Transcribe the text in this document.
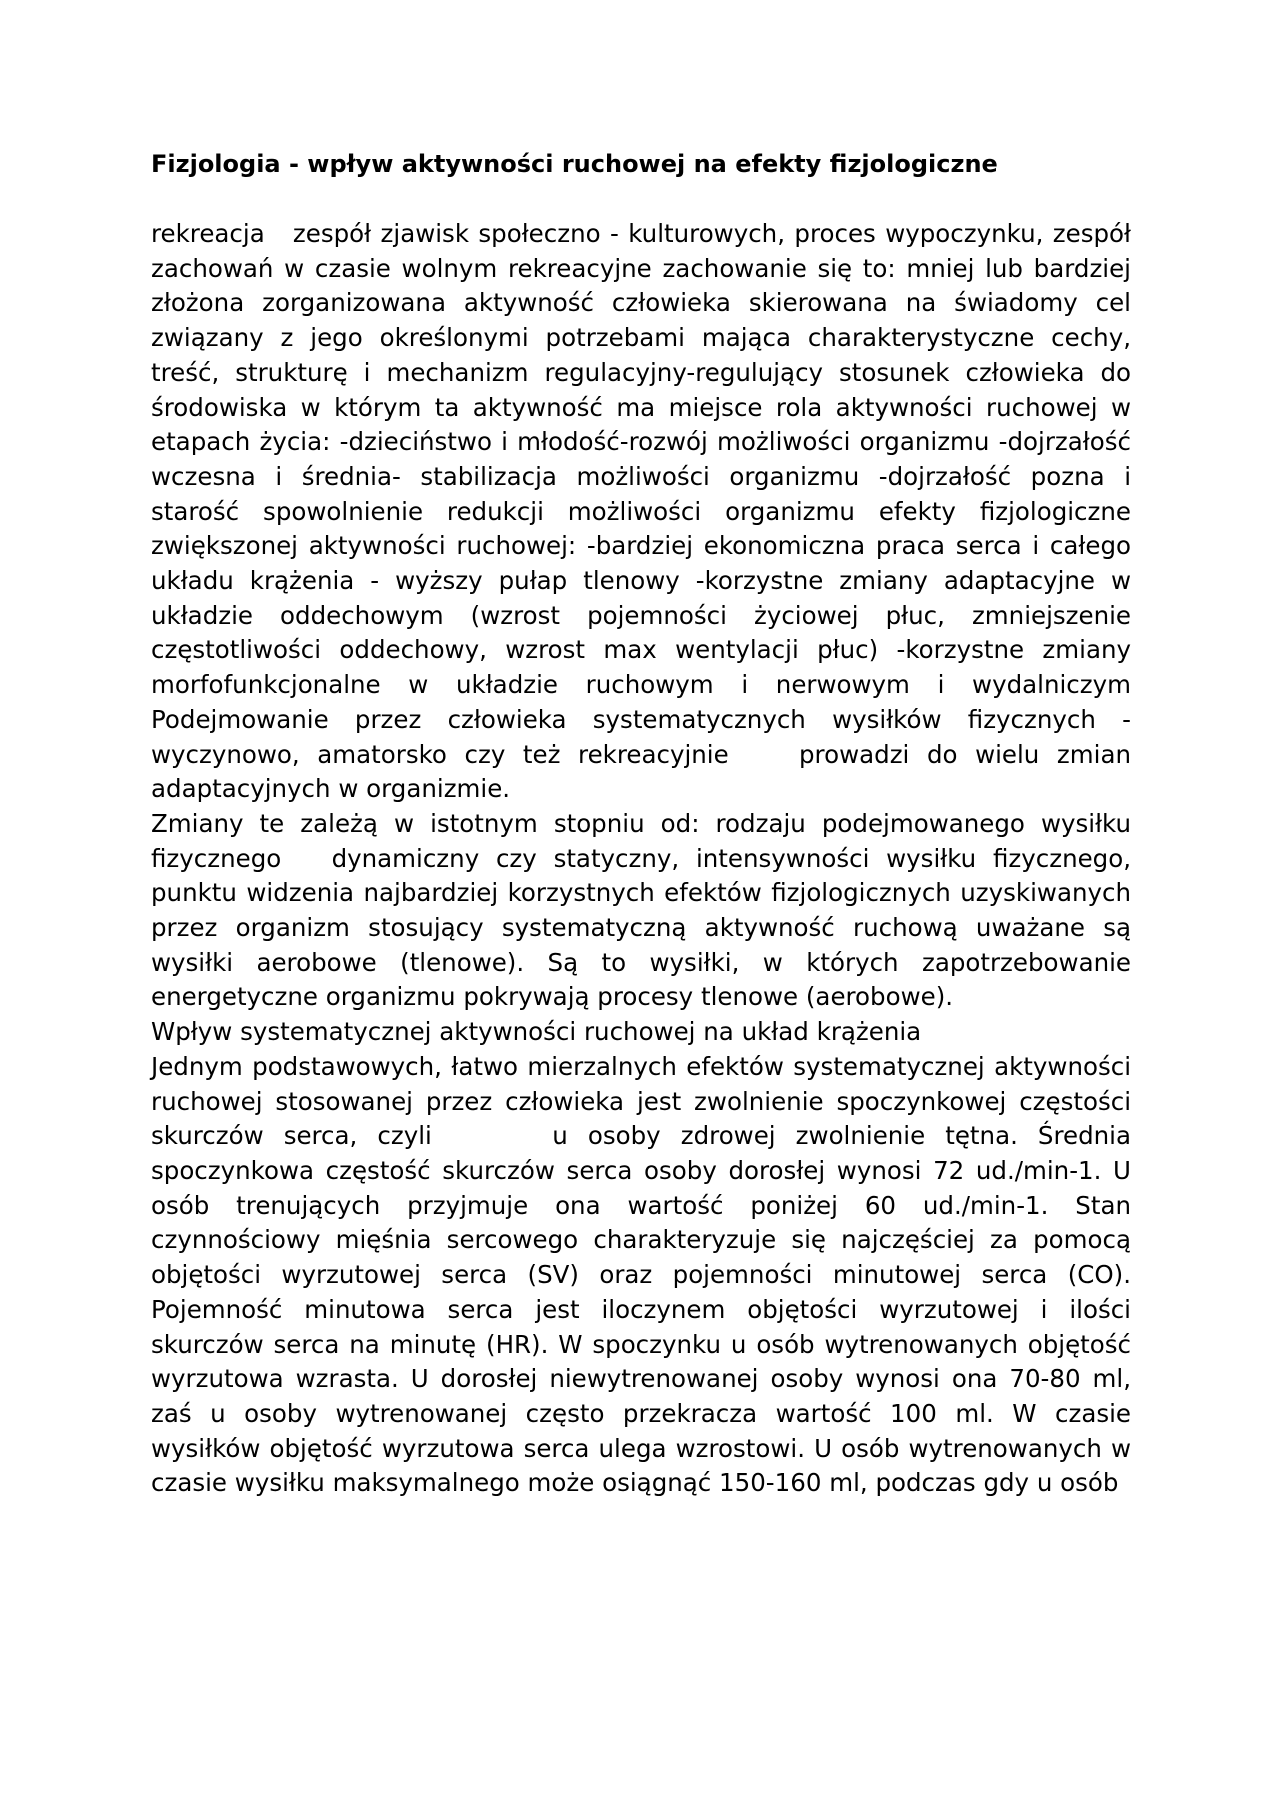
Fizjologia - wpływ aktywności ruchowej na efekty fizjologiczne

rekreacja   zespół zjawisk społeczno - kulturowych, proces wypoczynku, zespół zachowań w czasie wolnym rekreacyjne zachowanie się to: mniej lub bardziej złożona zorganizowana aktywność człowieka skierowana na świadomy cel związany z jego określonymi potrzebami mająca charakterystyczne cechy, treść, strukturę i mechanizm regulacyjny-regulujący stosunek człowieka do środowiska w którym ta aktywność ma miejsce rola aktywności ruchowej w etapach życia: -dzieciństwo i młodość-rozwój możliwości organizmu -dojrzałość wczesna i średnia- stabilizacja możliwości organizmu -dojrzałość pozna i starość spowolnienie redukcji możliwości organizmu efekty fizjologiczne zwiększonej aktywności ruchowej: -bardziej ekonomiczna praca serca i całego układu krążenia - wyższy pułap tlenowy -korzystne zmiany adaptacyjne w układzie oddechowym (wzrost pojemności życiowej płuc, zmniejszenie częstotliwości oddechowy, wzrost max wentylacji płuc) -korzystne zmiany morfofunkcjonalne w układzie ruchowym i nerwowym i wydalniczym Podejmowanie przez człowieka systematycznych wysiłków fizycznych - wyczynowo, amatorsko czy też rekreacyjnie    prowadzi do wielu zmian adaptacyjnych w organizmie.

Zmiany te zależą w istotnym stopniu od: rodzaju podejmowanego wysiłku fizycznego   dynamiczny czy statyczny, intensywności wysiłku fizycznego, punktu widzenia najbardziej korzystnych efektów fizjologicznych uzyskiwanych przez organizm stosujący systematyczną aktywność ruchową uważane są wysiłki aerobowe (tlenowe). Są to wysiłki, w których zapotrzebowanie energetyczne organizmu pokrywają procesy tlenowe (aerobowe).

Wpływ systematycznej aktywności ruchowej na układ krążenia

Jednym podstawowych, łatwo mierzalnych efektów systematycznej aktywności ruchowej stosowanej przez człowieka jest zwolnienie spoczynkowej częstości skurczów serca, czyli      u osoby zdrowej zwolnienie tętna. Średnia spoczynkowa częstość skurczów serca osoby dorosłej wynosi 72 ud./min-1. U osób trenujących przyjmuje ona wartość poniżej 60 ud./min-1. Stan czynnościowy mięśnia sercowego charakteryzuje się najczęściej za pomocą objętości wyrzutowej serca (SV) oraz pojemności minutowej serca (CO). Pojemność minutowa serca jest iloczynem objętości wyrzutowej i ilości skurczów serca na minutę (HR). W spoczynku u osób wytrenowanych objętość wyrzutowa wzrasta. U dorosłej niewytrenowanej osoby wynosi ona 70-80 ml, zaś u osoby wytrenowanej często przekracza wartość 100 ml. W czasie wysiłków objętość wyrzutowa serca ulega wzrostowi. U osób wytrenowanych w czasie wysiłku maksymalnego może osiągnąć 150-160 ml, podczas gdy u osób
